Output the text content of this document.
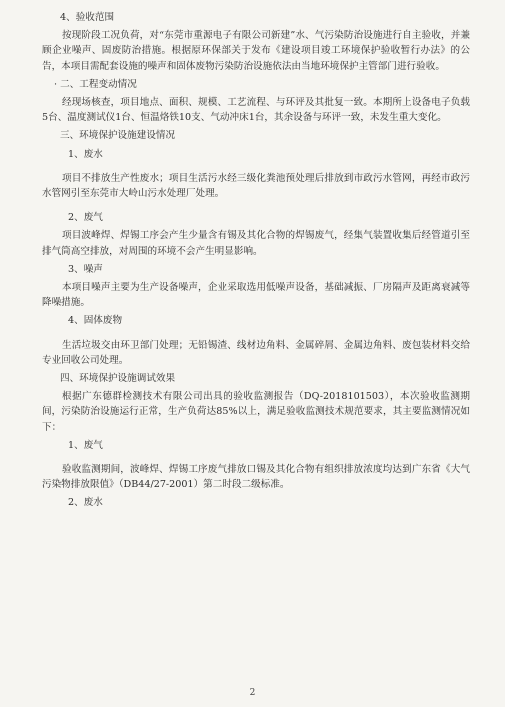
4、验收范围
按现阶段工况负荷，对“东莞市重源电子有限公司新建”水、气污染防治设施进行自主验收，并兼顾企业噪声、固废防治措施。根据原环保部关于发布《建设项目竣工环境保护验收暂行办法》的公告，本项目需配套设施的噪声和固体废物污染防治设施依法由当地环境保护主管部门进行验收。
· 二、工程变动情况
经现场核查，项目地点、面积、规模、工艺流程、与环评及其批复一致。本期所上设备电子负载5台、温度测试仪1台、恒温烙铁10支、气动冲床1台，其余设备与环评一致，未发生重大变化。
三、环境保护设施建设情况
1、废水
项目不排放生产性废水；项目生活污水经三级化粪池预处理后排放到市政污水管网，再经市政污水管网引至东莞市大岭山污水处理厂处理。
2、废气
项目波峰焊、焊锡工序会产生少量含有锡及其化合物的焊锡废气，经集气装置收集后经管道引至排气筒高空排放，对周围的环境不会产生明显影响。
3、噪声
本项目噪声主要为生产设备噪声，企业采取选用低噪声设备，基础减振、厂房隔声及距离衰减等降噪措施。
4、固体废物
生活垃圾交由环卫部门处理；无铅锡渣、线材边角料、金属碎屑、金属边角料、废包装材料交给专业回收公司处理。
四、环境保护设施调试效果
根据广东德群检测技术有限公司出具的验收监测报告（DQ-2018101503），本次验收监测期间，污染防治设施运行正常，生产负荷达85%以上，满足验收监测技术规范要求，其主要监测情况如下：
1、废气
验收监测期间，波峰焊、焊锡工序废气排放口锡及其化合物有组织排放浓度均达到广东省《大气污染物排放限值》（DB44/27-2001）第二时段二级标准。
2、废水
2
